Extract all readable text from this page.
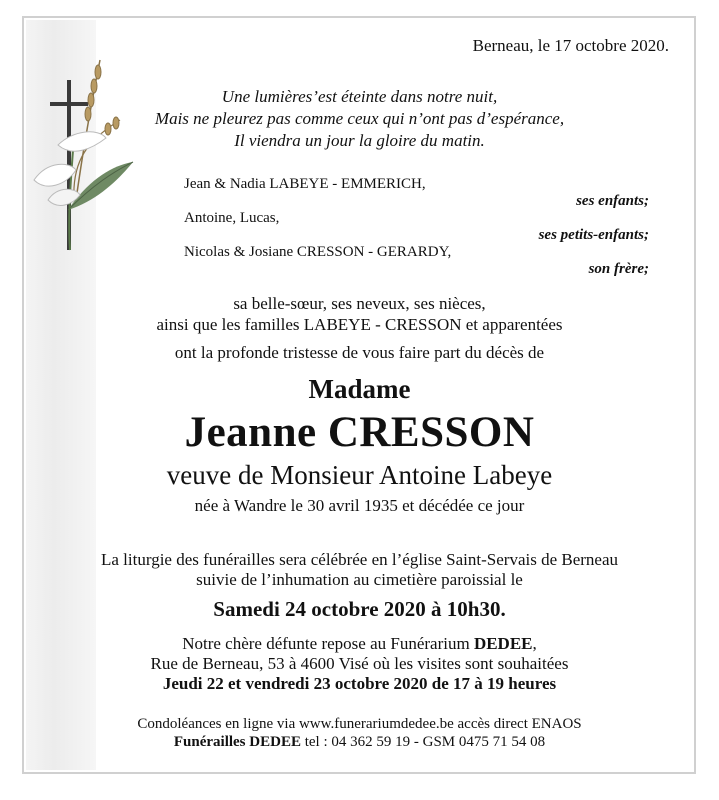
Berneau, le 17 octobre 2020.
Une lumières’est éteinte dans notre nuit,
Mais ne pleurez pas comme ceux qui n’ont pas d’espérance,
Il viendra un jour la gloire du matin.
Jean & Nadia LABEYE - EMMERICH,
ses enfants;
Antoine, Lucas,
ses petits-enfants;
Nicolas & Josiane CRESSON - GERARDY,
son frère;
sa belle-sœur, ses neveux, ses nièces,
ainsi que les familles LABEYE - CRESSON et apparentées
ont la profonde tristesse de vous faire part du décès de
Madame
Jeanne CRESSON
veuve de Monsieur Antoine Labeye
née à Wandre le 30 avril 1935 et décédée ce jour
La liturgie des funérailles sera célébrée en l’église Saint-Servais de Berneau
suivie de l’inhumation au cimetière paroissial le
Samedi 24 octobre 2020 à 10h30.
Notre chère défunte repose au Funérarium DEDEE,
Rue de Berneau, 53 à 4600 Visé où les visites sont souhaitées
Jeudi 22 et vendredi 23 octobre 2020 de 17 à 19 heures
Condoléances en ligne via www.funerariumdedee.be accès direct ENAOS
Funérailles DEDEE tel : 04 362 59 19 - GSM 0475 71 54 08
